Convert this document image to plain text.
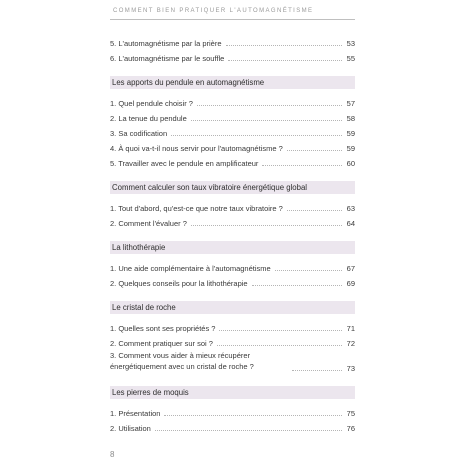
COMMENT BIEN PRATIQUER L'AUTOMAGNÉTISME
5. L'automagnétisme par la prière	53
6. L'automagnétisme par le souffle	55
Les apports du pendule en automagnétisme
1. Quel pendule choisir ?	57
2. La tenue du pendule	58
3. Sa codification	59
4. À quoi va-t-il nous servir pour l'automagnétisme ?	59
5. Travailler avec le pendule en amplificateur	60
Comment calculer son taux vibratoire énergétique global
1. Tout d'abord, qu'est-ce que notre taux vibratoire ?	63
2. Comment l'évaluer ?	64
La lithothérapie
1. Une aide complémentaire à l'automagnétisme	67
2. Quelques conseils pour la lithothérapie	69
Le cristal de roche
1. Quelles sont ses propriétés ?	71
2. Comment pratiquer sur soi ?	72
3. Comment vous aider à mieux récupérer énergétiquement avec un cristal de roche ?	73
Les pierres de moquis
1. Présentation	75
2. Utilisation	76
8
